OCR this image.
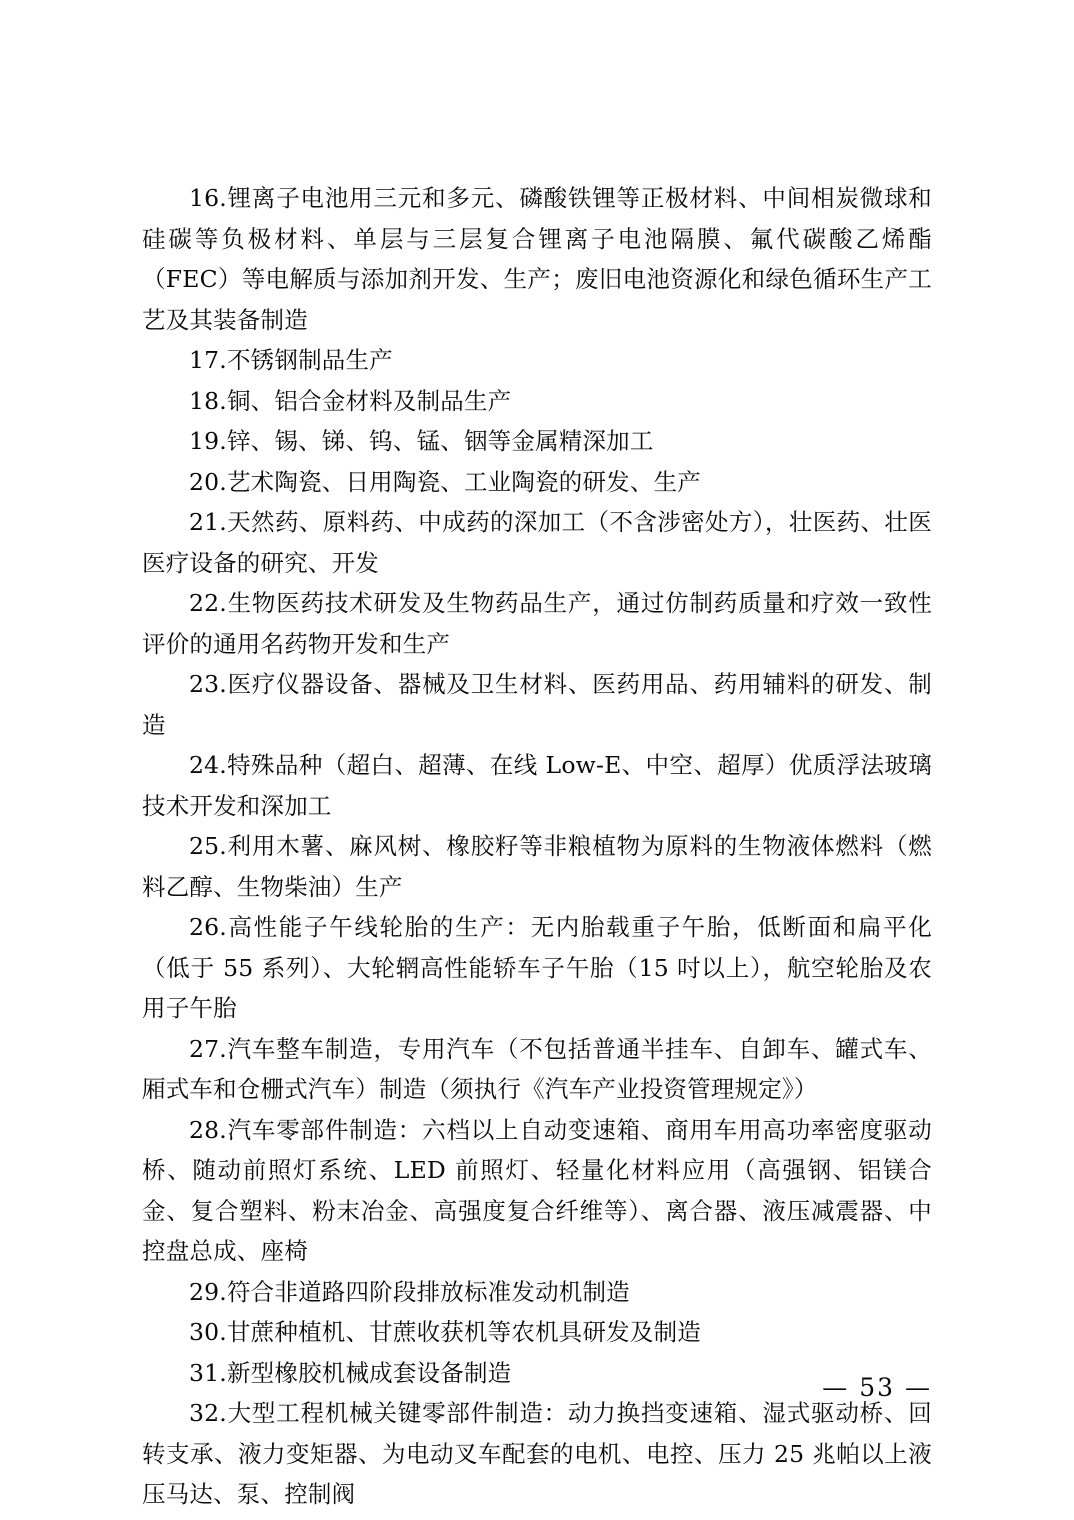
16.锂离子电池用三元和多元、磷酸铁锂等正极材料、中间相炭微球和硅碳等负极材料、单层与三层复合锂离子电池隔膜、氟代碳酸乙烯酯（FEC）等电解质与添加剂开发、生产；废旧电池资源化和绿色循环生产工艺及其装备制造

17.不锈钢制品生产

18.铜、铝合金材料及制品生产

19.锌、锡、锑、钨、锰、铟等金属精深加工

20.艺术陶瓷、日用陶瓷、工业陶瓷的研发、生产

21.天然药、原料药、中成药的深加工（不含涉密处方），壮医药、壮医医疗设备的研究、开发

22.生物医药技术研发及生物药品生产，通过仿制药质量和疗效一致性评价的通用名药物开发和生产

23.医疗仪器设备、器械及卫生材料、医药用品、药用辅料的研发、制造

24.特殊品种（超白、超薄、在线 Low-E、中空、超厚）优质浮法玻璃技术开发和深加工

25.利用木薯、麻风树、橡胶籽等非粮植物为原料的生物液体燃料（燃料乙醇、生物柴油）生产

26.高性能子午线轮胎的生产：无内胎载重子午胎，低断面和扁平化（低于 55 系列）、大轮辋高性能轿车子午胎（15 吋以上），航空轮胎及农用子午胎

27.汽车整车制造，专用汽车（不包括普通半挂车、自卸车、罐式车、厢式车和仓栅式汽车）制造（须执行《汽车产业投资管理规定》）

28.汽车零部件制造：六档以上自动变速箱、商用车用高功率密度驱动桥、随动前照灯系统、LED 前照灯、轻量化材料应用（高强钢、铝镁合金、复合塑料、粉末冶金、高强度复合纤维等）、离合器、液压减震器、中控盘总成、座椅

29.符合非道路四阶段排放标准发动机制造

30.甘蔗种植机、甘蔗收获机等农机具研发及制造

31.新型橡胶机械成套设备制造

32.大型工程机械关键零部件制造：动力换挡变速箱、湿式驱动桥、回转支承、液力变矩器、为电动叉车配套的电机、电控、压力 25 兆帕以上液压马达、泵、控制阀

— 53 —
